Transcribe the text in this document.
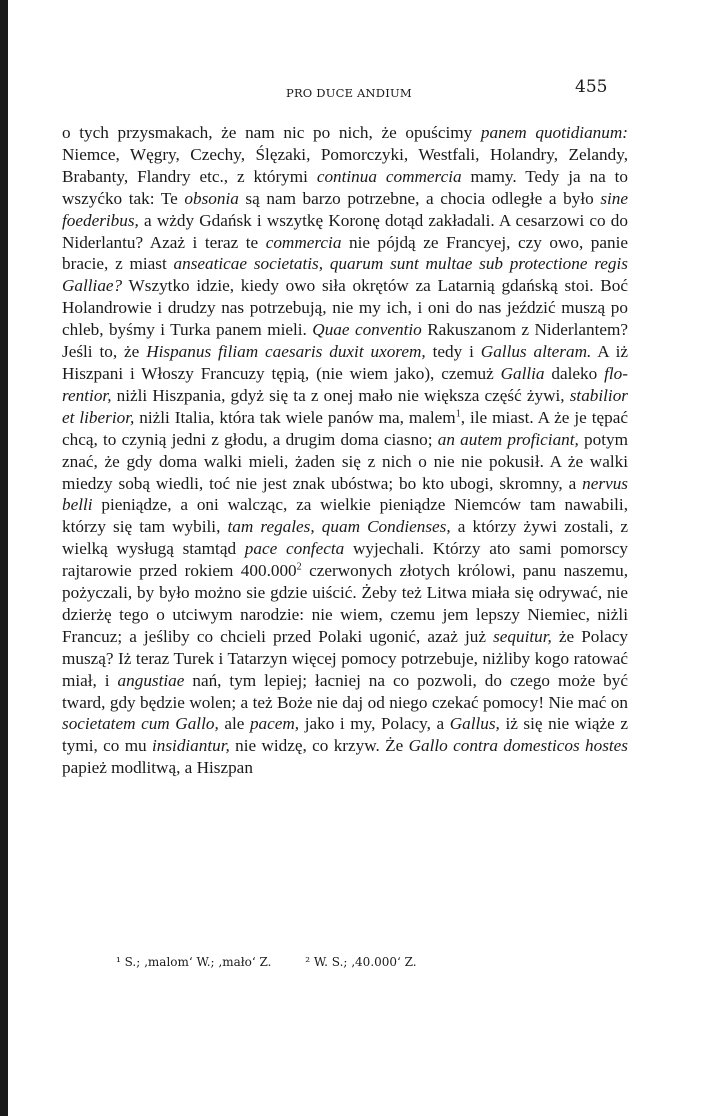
PRO DUCE ANDIUM	455

o tych przysmakach, że nam nic po nich, że opuścimy panem quotidianum: Niemce, Węgry, Czechy, Ślęzaki, Pomorczyki, Westfali, Holandry, Zelandy, Brabanty, Flandry etc., z którymi continua commercia mamy. Tedy ja na to wszyćko tak: Te obsonia są nam barzo potrzebne, a chocia odległe a było sine foederibus, a wżdy Gdańsk i wszytkę Koronę dotąd zakładali. A cesarzowi co do Niderlantu? Azaż i teraz te commercia nie pójdą ze Francyej, czy owo, panie bracie, z miast anseaticae societatis, quarum sunt multae sub protectione regis Galliae? Wszytko idzie, kiedy owo siła okrętów za Latarnią gdańską stoi. Boć Holandrowie i drudzy nas potrzebują, nie my ich, i oni do nas jeździć muszą po chleb, byśmy i Turka panem mieli. Quae conventio Rakuszanom z Niderlantem? Jeśli to, że Hispanus filiam caesaris duxit uxorem, tedy i Gallus alteram. A iż Hiszpani i Włoszy Francuzy tępią, (nie wiem jako), czemuż Gallia daleko florentior, niżli Hiszpania, gdyż się ta z onej mało nie większa część żywi, stabilior et liberior, niżli Italia, która tak wiele panów ma, malem$^1$, ile miast. A że je tępać chcą, to czynią jedni z głodu, a drugim doma ciasno; an autem proficiant, potym znać, że gdy doma walki mieli, żaden się z nich o nie nie pokusił. A że walki miedzy sobą wiedli, toć nie jest znak ubóstwa; bo kto ubogi, skromny, a nervus belli pieniądze, a oni walcząc, za wielkie pieniądze Niemców tam nawabili, którzy się tam wybili, tam regales, quam Condienses, a którzy żywi zostali, z wielką wysługą stamtąd pace confecta wyjechali. Którzy ato sami pomorscy rajtarowie przed rokiem 400.000$^2$ czerwonych złotych królowi, panu naszemu, pożyczali, by było możno sie gdzie uiścić. Żeby też Litwa miała się odrywać, nie dzierżę tego o utciwym narodzie: nie wiem, czemu jem lepszy Niemiec, niżli Francuz; a jeśliby co chcieli przed Polaki ugonić, azaż już sequitur, że Polacy muszą? Iż teraz Turek i Tatarzyn więcej pomocy potrzebuje, niżliby kogo ratować miał, i angustiae nań, tym lepiej; łacniej na co pozwoli, do czego może być tward, gdy będzie wolen; a też Boże nie daj od niego czekać pomocy! Nie mać on societatem cum Gallo, ale pacem, jako i my, Polacy, a Gallus, iż się nie wiąże z tymi, co mu insidiantur, nie widzę, co krzyw. Że Gallo contra domesticos hostes papież modlitwą, a Hiszpan

¹ S.; ‚malom‘ W.; ‚mało‘ Z.	² W. S.; ‚40.000‘ Z.
